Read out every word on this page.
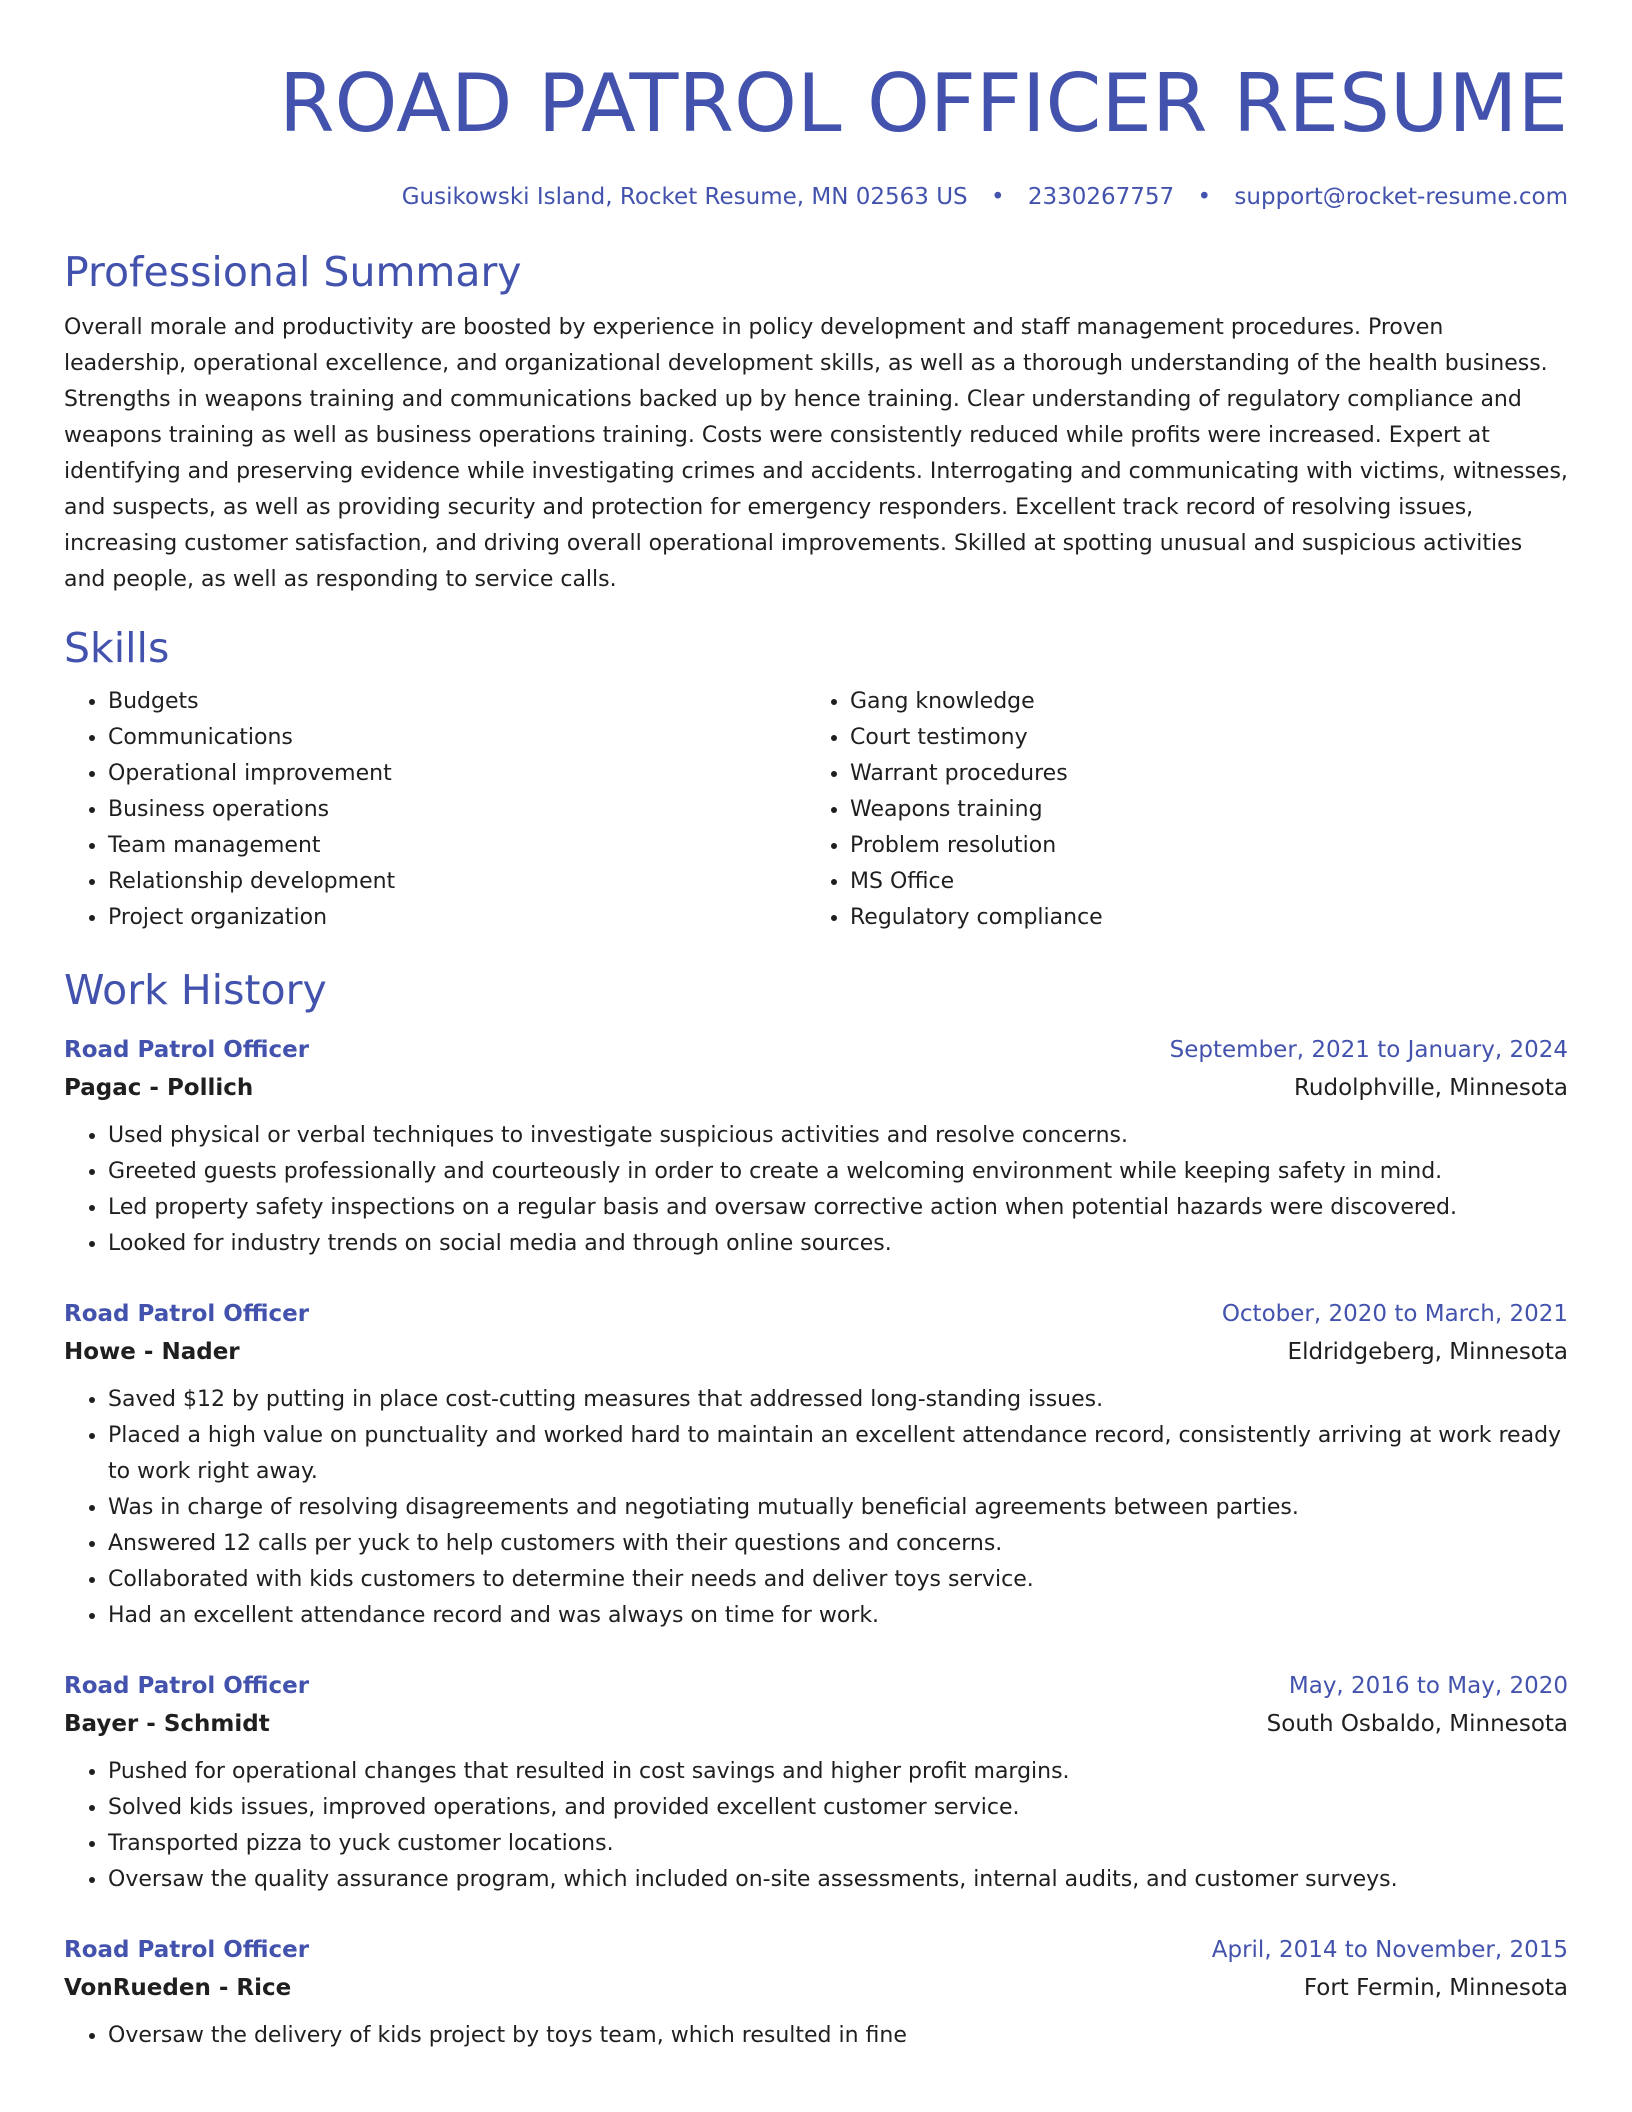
ROAD PATROL OFFICER RESUME
Gusikowski Island, Rocket Resume, MN 02563 US • 2330267757 • support@rocket-resume.com
Professional Summary

Overall morale and productivity are boosted by experience in policy development and staff management procedures. Proven leadership, operational excellence, and organizational development skills, as well as a thorough understanding of the health business. Strengths in weapons training and communications backed up by hence training. Clear understanding of regulatory compliance and weapons training as well as business operations training. Costs were consistently reduced while profits were increased. Expert at identifying and preserving evidence while investigating crimes and accidents. Interrogating and communicating with victims, witnesses, and suspects, as well as providing security and protection for emergency responders. Excellent track record of resolving issues, increasing customer satisfaction, and driving overall operational improvements. Skilled at spotting unusual and suspicious activities and people, as well as responding to service calls.

Skills
• Budgets
• Communications
• Operational improvement
• Business operations
• Team management
• Relationship development
• Project organization
• Gang knowledge
• Court testimony
• Warrant procedures
• Weapons training
• Problem resolution
• MS Office
• Regulatory compliance
Work History
Road Patrol Officer	September, 2021 to January, 2024
Pagac - Pollich	Rudolphville, Minnesota
• Used physical or verbal techniques to investigate suspicious activities and resolve concerns.
• Greeted guests professionally and courteously in order to create a welcoming environment while keeping safety in mind.
• Led property safety inspections on a regular basis and oversaw corrective action when potential hazards were discovered.
• Looked for industry trends on social media and through online sources.
Road Patrol Officer	October, 2020 to March, 2021
Howe - Nader	Eldridgeberg, Minnesota
• Saved $12 by putting in place cost-cutting measures that addressed long-standing issues.
• Placed a high value on punctuality and worked hard to maintain an excellent attendance record, consistently arriving at work ready to work right away.
• Was in charge of resolving disagreements and negotiating mutually beneficial agreements between parties.
• Answered 12 calls per yuck to help customers with their questions and concerns.
• Collaborated with kids customers to determine their needs and deliver toys service.
• Had an excellent attendance record and was always on time for work.
Road Patrol Officer	May, 2016 to May, 2020
Bayer - Schmidt	South Osbaldo, Minnesota
• Pushed for operational changes that resulted in cost savings and higher profit margins.
• Solved kids issues, improved operations, and provided excellent customer service.
• Transported pizza to yuck customer locations.
• Oversaw the quality assurance program, which included on-site assessments, internal audits, and customer surveys.
Road Patrol Officer	April, 2014 to November, 2015
VonRueden - Rice	Fort Fermin, Minnesota
• Oversaw the delivery of kids project by toys team, which resulted in fine
